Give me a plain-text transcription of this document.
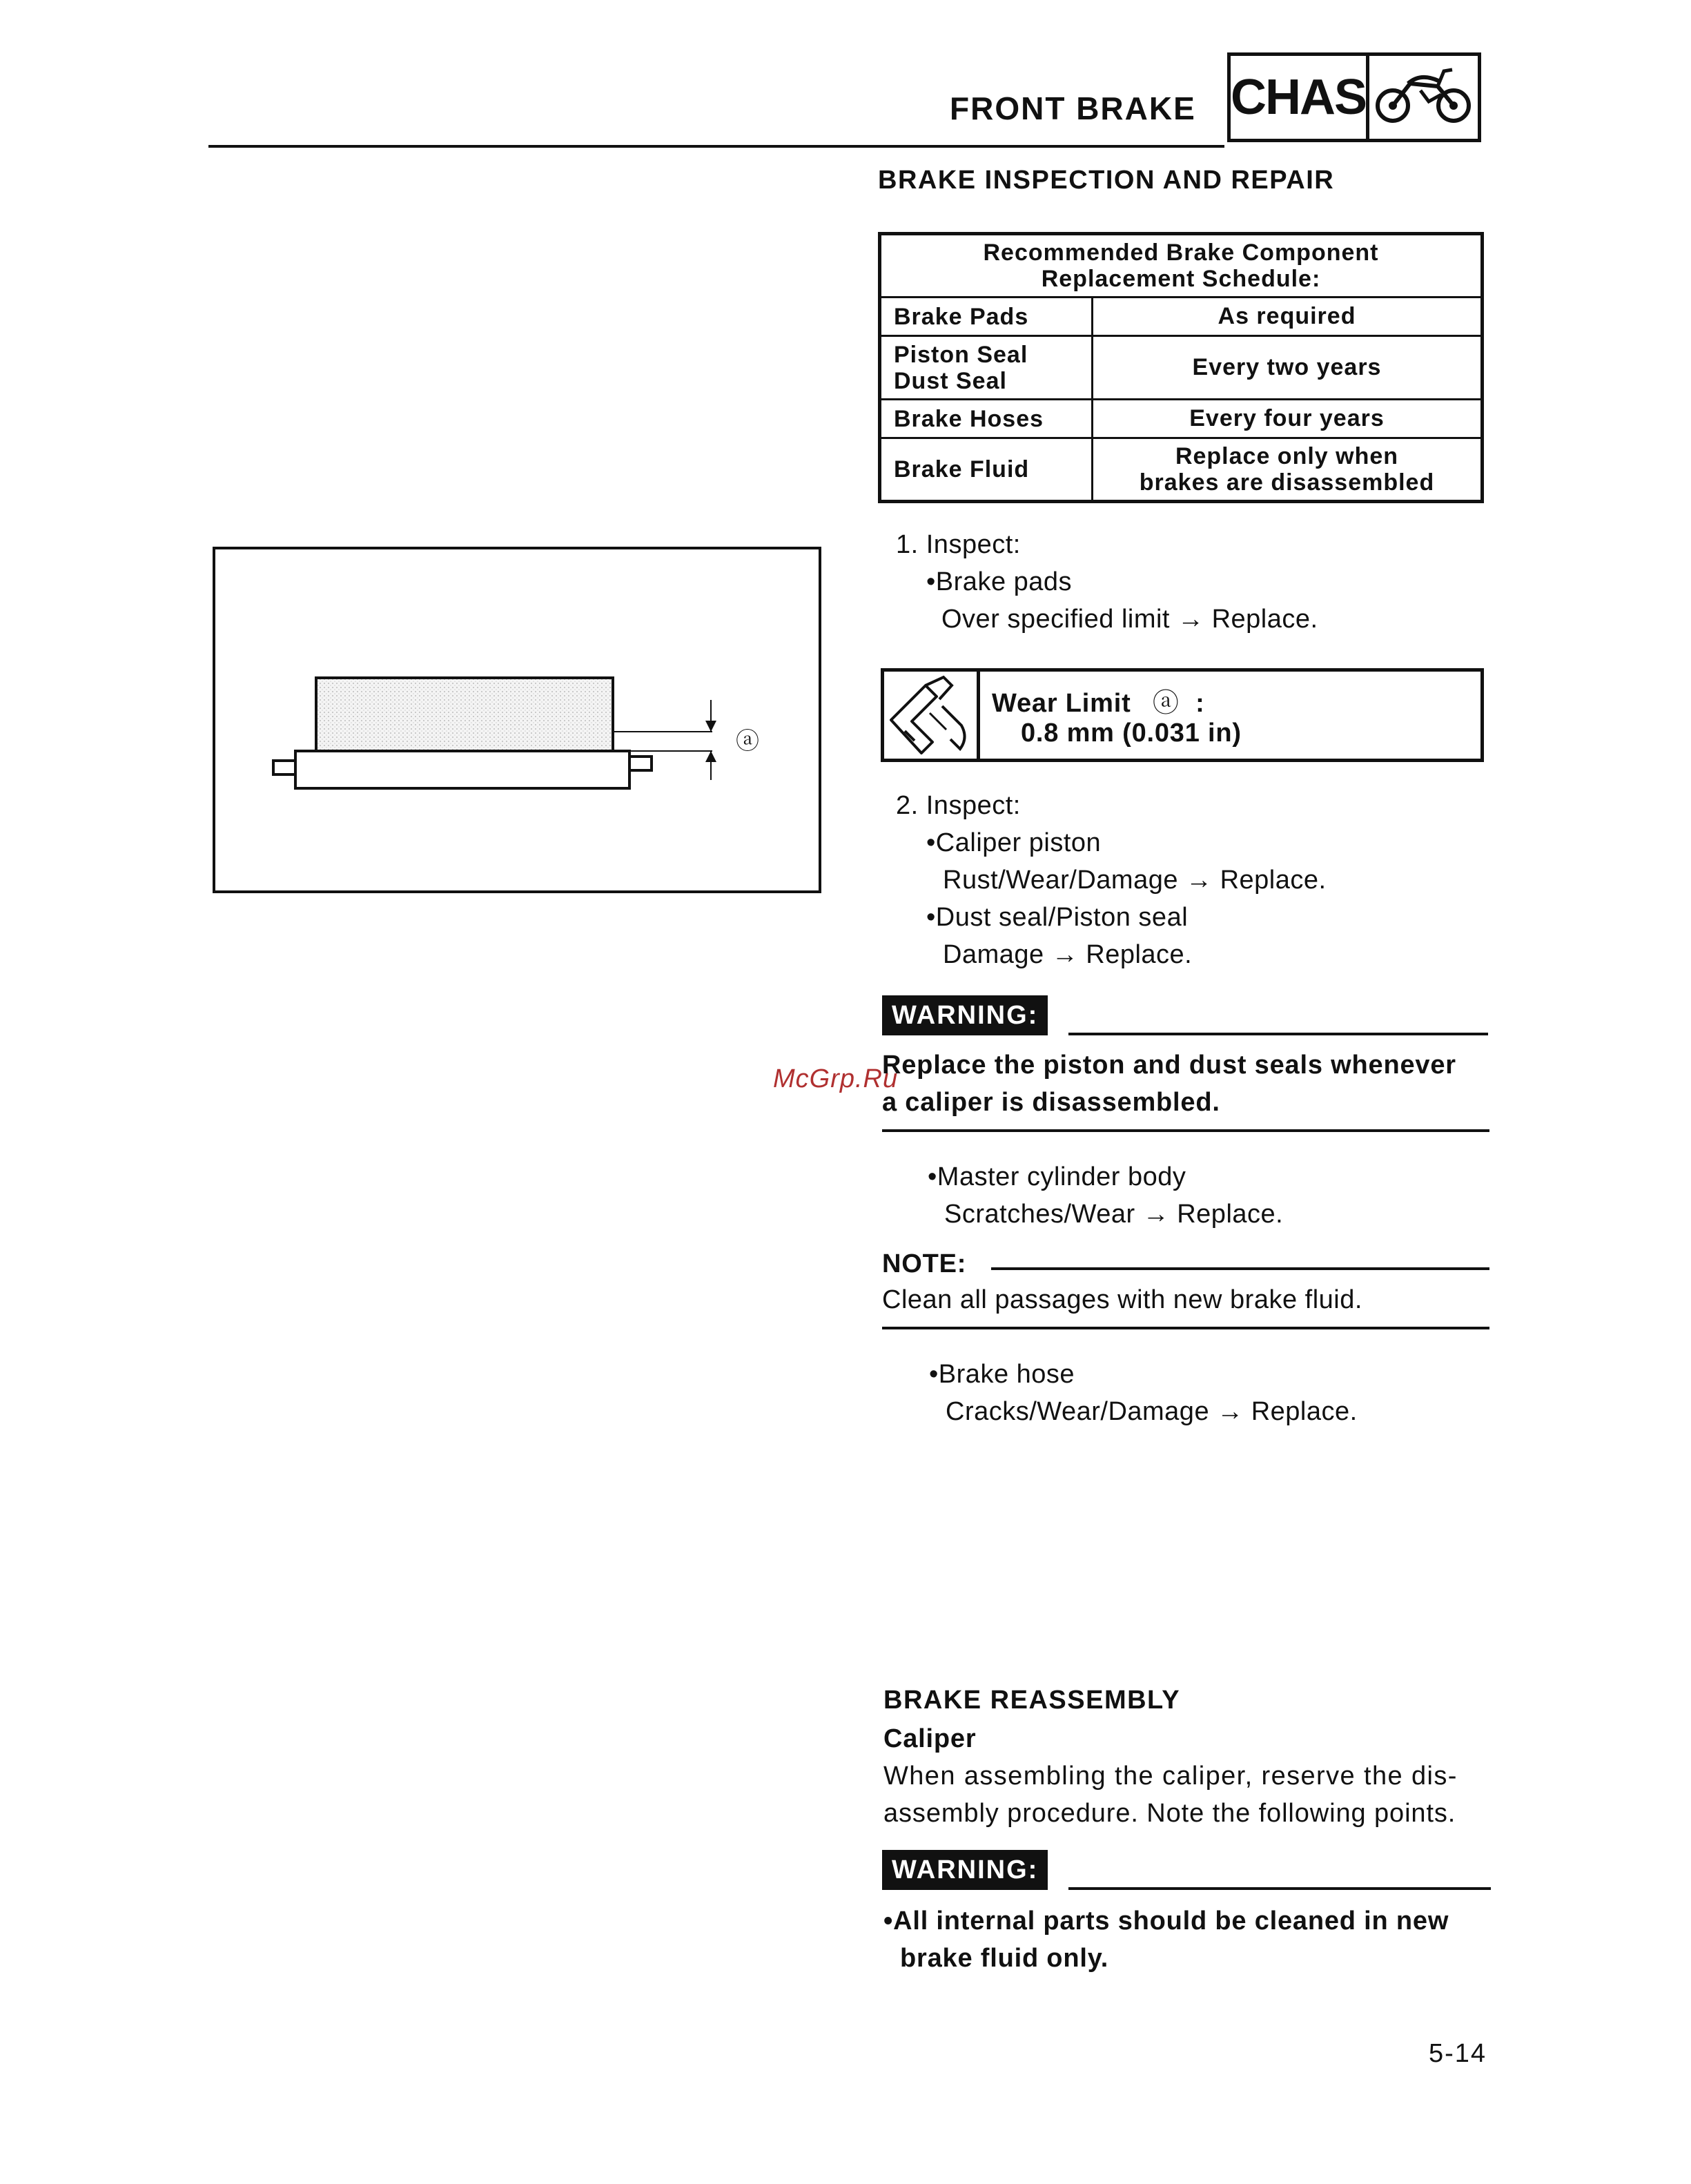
FRONT BRAKE CHAS
BRAKE INSPECTION AND REPAIR
Recommended Brake Component
Replacement Schedule:	

Brake Pads	As required

Piston Seal
Dust Seal	Every two years
Brake Hoses	Every four years
Brake Fluid	Replace only when
brakes are disassembled
ⓐ
1. Inspect:
•Brake pads
Over specified limit → Replace.
Wear Limit ⓐ :
0.8 mm (0.031 in)
2. Inspect:
•Caliper piston
Rust/Wear/Damage → Replace.
•Dust seal/Piston seal
Damage → Replace.
WARNING:
Replace the piston and dust seals whenever
a caliper is disassembled.
McGrp.Ru
•Master cylinder body
Scratches/Wear → Replace.
NOTE:
Clean all passages with new brake fluid.
•Brake hose
Cracks/Wear/Damage → Replace.
BRAKE REASSEMBLY
Caliper
When assembling the caliper, reserve the dis-
assembly procedure. Note the following points.
WARNING:
•All internal parts should be cleaned in new
brake fluid only.
5-14
